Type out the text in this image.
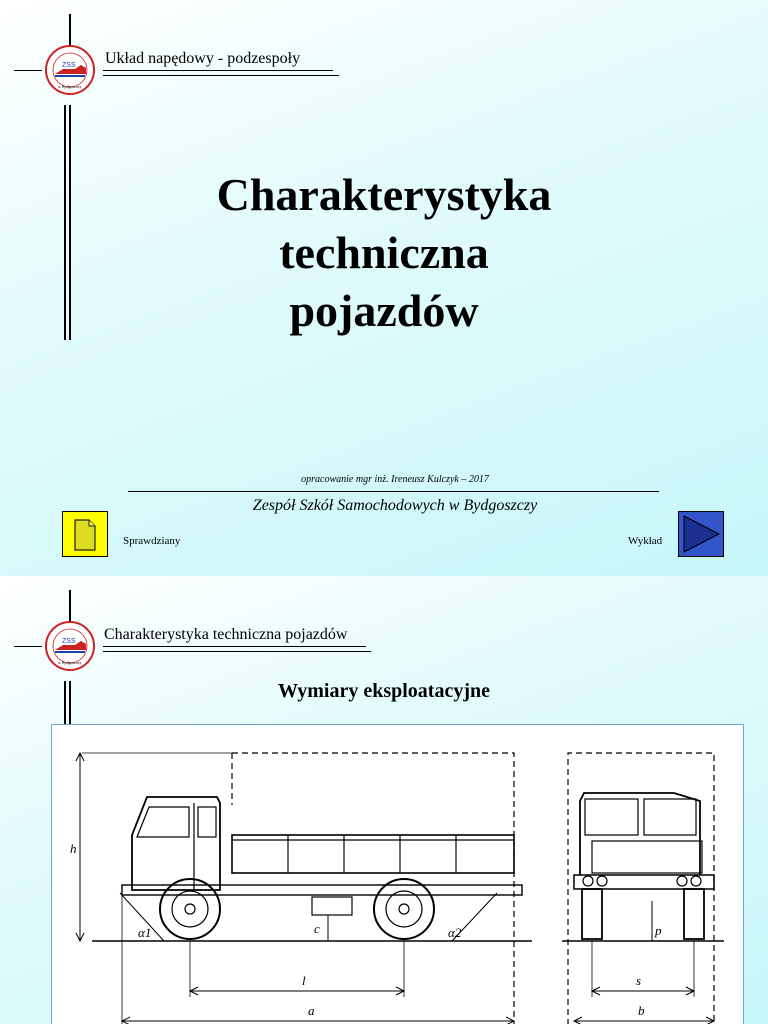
ZSS
w Bydgoszczy
Układ napędowy - podzespoły
Charakterystyka
techniczna
pojazdów
opracowanie mgr inż. Ireneusz Kulczyk – 2017
Zespół Szkół Samochodowych w Bydgoszczy
Sprawdziany	Wykład
ZSS
w Bydgoszczy
Charakterystyka techniczna pojazdów
Wymiary eksploatacyjne
h
α1	α2
c
l
a
p
s
b
